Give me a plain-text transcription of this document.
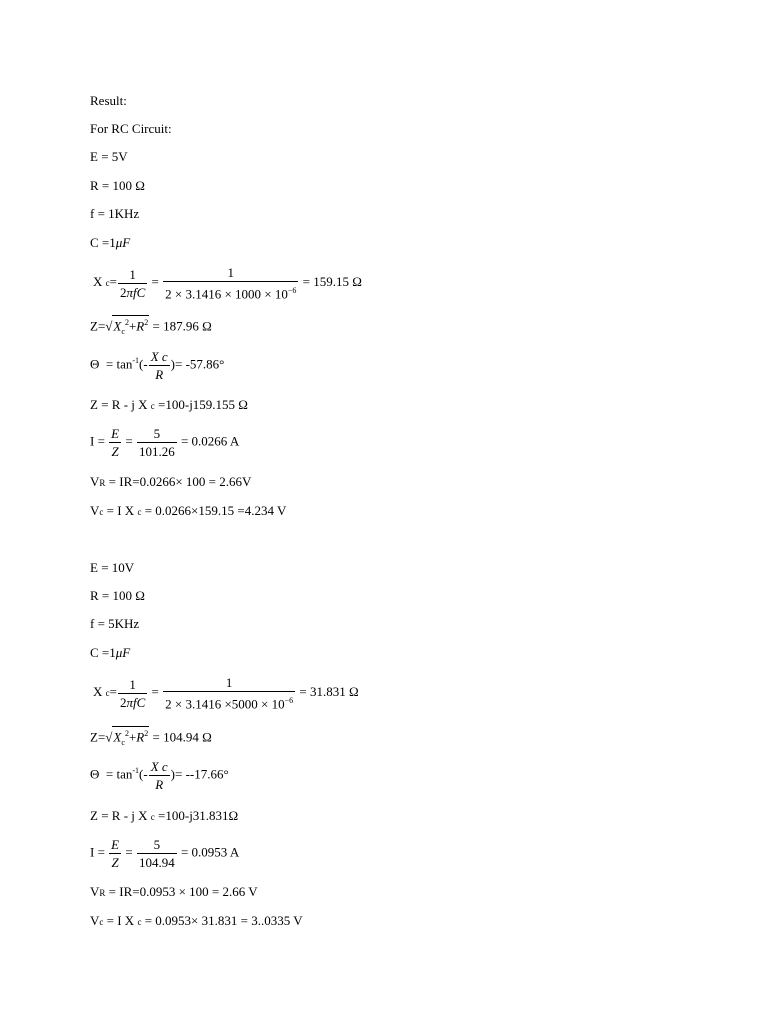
Result:
For RC Circuit:
E = 5V
R = 100 Ω
f = 1KHz
C =1μF
X $c= \frac{1}{\text{2πfC}} = \frac{1}{2 \times 3.1416 \times 1000 \times 10^{-6}} = 159.15$ Ω
$Z=√X_c^2+R^2 = 187.96$ Ω
$\Theta = \tan^{-1}(- \frac{\text{X c}}{R}$ )= -57.86°
Z = R - j X c =100-j159.155 Ω
$I = \frac{E}{Z} = \frac{5}{101.26} = 0.0266$ A
VR = IR=0.0266× 100 = 2.66V
Vc = I X c = 0.0266×159.15 =4.234 V
E = 10V
R = 100 Ω
f = 5KHz
C =1μF
X $c= \frac{1}{\text{2πfC}} = \frac{1}{2 \times 3.1416 \times 5000 \times 10^{-6}} = 31.831$ Ω
$Z=√X_c^2+R^2 = 104.94$ Ω
$\Theta = \tan^{-1}(- \frac{\text{X c}}{R}$ )= --17.66°
Z = R - j X c =100-j31.831Ω
$I = \frac{E}{Z} = \frac{5}{104.94} = 0.0953$ A
VR = IR=0.0953 × 100 = 2.66 V
Vc = I X c = 0.0953× 31.831 = 3..0335 V
